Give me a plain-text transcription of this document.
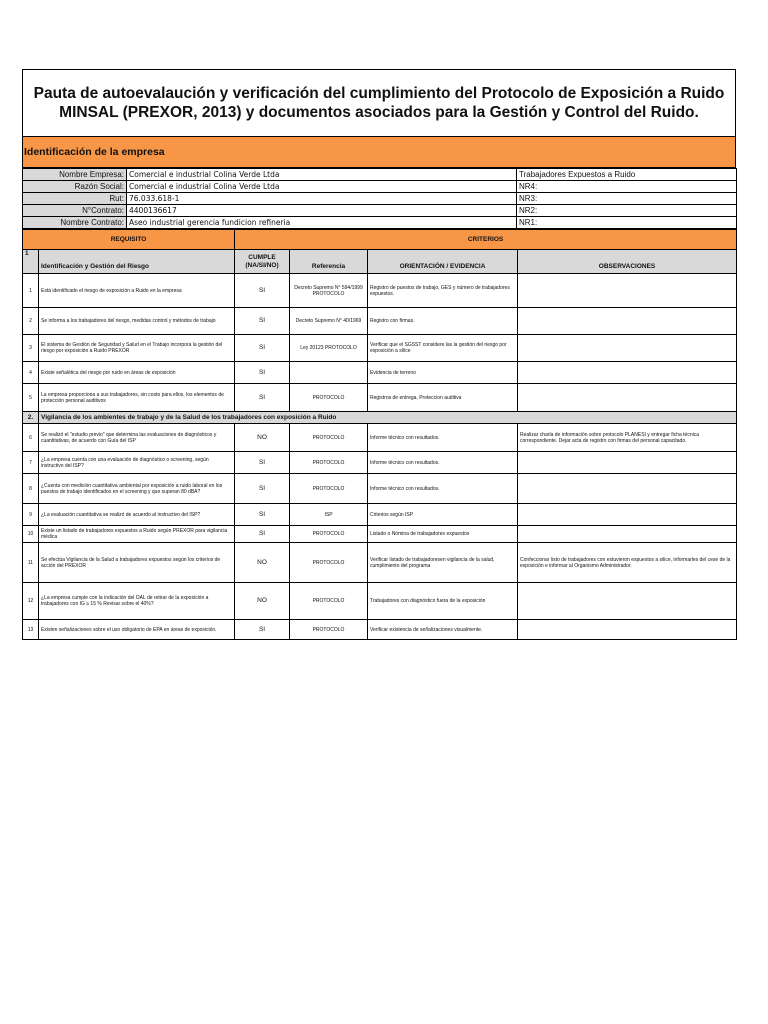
Pauta de autoevalaución y verificación del cumplimiento del Protocolo de Exposición a Ruido
MINSAL (PREXOR, 2013) y documentos asociados para la Gestión y Control del Ruido.
Identificación de la empresa
Nombre Empresa:	Comercial e industrial Colina Verde Ltda	Trabajadores Expuestos a Ruido
Razón Social:	Comercial e industrial Colina Verde Ltda	NR4:
Rut:	76.033.618-1	NR3:
N°Contrato:	4400136617	NR2:
Nombre Contrato:	Aseo industrial gerencia fundicion refineria	NR1:
REQUISITO		CRITERIOS			
1	Identificación y Gestión del Riesgo	CUMPLE (NA/SI/NO)	Referencia	ORIENTACIÓN / EVIDENCIA	OBSERVACIONES
1	Está identificado el riesgo de exposición a Ruido en la empresa	SI	Decreto Supremo N° 594/1999 PROTOCOLO	Registro de puestos de trabajo, GES y número de trabajadores expuestos.	
2	Se informa a los trabajadores del riesgo, medidas control y métodos de trabajo	SI	Decreto Supremo N° 40/1969	Registro con firmas.	
3	El sistema de Gestión de Seguridad y Salud en el Trabajo incorpora la gestión del riesgo por exposición a Ruido PREXOR	SI	Ley 20123 PROTOCOLO	Verificar que el SGSST considere las la gestión del riesgo por exposición a sílice	
4	Existe señalética del riesgo por ruido en áreas de exposición	SI		Evidencia de terreno	
5	La empresa proporciona a sus trabajadores, sin costo para ellos, los elementos de protección personal auditivos	SI	PROTOCOLO	Registros de entrega, Proteccion auditiva	
2.	Vigilancia de los ambientes de trabajo y de la Salud de los trabajadores con exposición a Ruido				
6	Se realizó el "estudio previo" que determina las evaluaciones de diagnósticos y cuantitativas, de acuerdo con Guía del ISP	NO	PROTOCOLO	Informe técnico con resultados.	Realizar charla de información sobre protocolo PLANESI y entregar ficha técnica correspondiente. Dejar acta de registro con firmas del personal capacitado.
7	¿La empresa cuenta con una evaluación de diagnóstico o screening, según instructivo del ISP?	SI	PROTOCOLO	Informe técnico con resultados.	
8	¿Cuenta con medición cuantitativa ambiental por exposición a ruido laboral en los puestos de trabajo identificados en el screening y que superan 80 dBA?	SI	PROTOCOLO	Informe técnico con resultados.	
9	¿La evaluación cuantitativa se realizó de acuerdo al instructivo del ISP?	SI	ISP	Criterios según ISP	
10	Existe un listado de trabajadores expuestos a Ruido según PREXOR para vigilancia médica	SI	PROTOCOLO	Listado o Nómina de trabajadores expuestos	
11	Se efectúa Vigilancia de la Salud a trabajadores expuestos según los criterios de acción del PREXOR	NO	PROTOCOLO	Verificar listado de trabajadoresen vigilancia de la salud, cumplimiento del programa	Confeccionar listo de trabajadores con estuvieron expuestos a silice, informarles del cese de la exposición e informar al Organismo Administrador.
12	¿La empresa cumple con la indicación del OAL de retirar de la exposición a trabajadores con IG ≥ 15 % Revisar sobre el 40%?	NO	PROTOCOLO	Trabajadores con diagnóstico fuera de la exposición	
13	Existen señalizaciones sobre el uso obligatorio de EPA en áreas de exposición.	SI	PROTOCOLO	Verificar existencia de señalizaciones visualmente.	
